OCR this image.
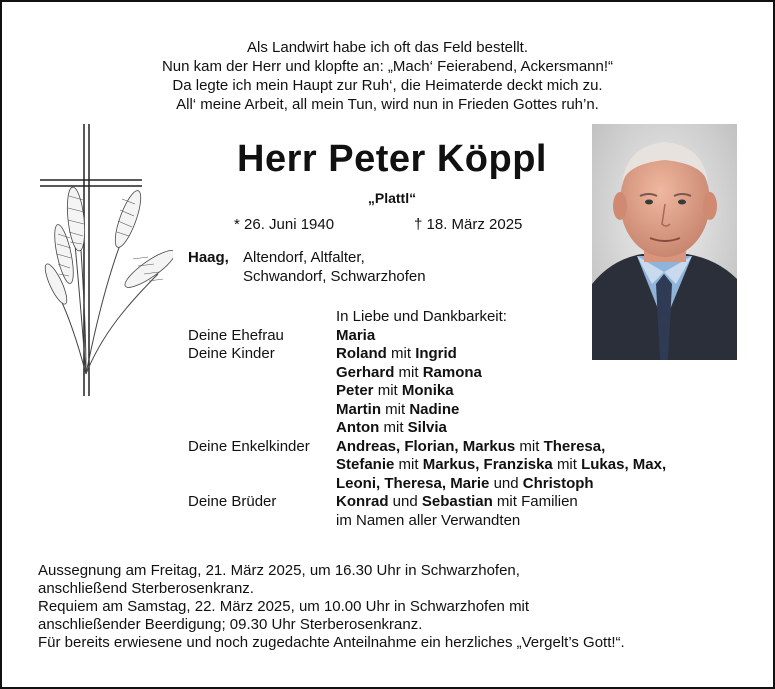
Als Landwirt habe ich oft das Feld bestellt.
Nun kam der Herr und klopfte an: „Mach‘ Feierabend, Ackersmann!“
Da legte ich mein Haupt zur Ruh‘, die Heimaterde deckt mich zu.
All‘ meine Arbeit, all mein Tun, wird nun in Frieden Gottes ruh’n.
Herr Peter Köppl
„Plattl“
* 26. Juni 1940	† 18. März 2025
Haag, Altendorf, Altfalter,
Schwandorf, Schwarzhofen
In Liebe und Dankbarkeit:
Deine Ehefrau	Maria
Deine Kinder	Roland mit Ingrid
Gerhard mit Ramona
Peter mit Monika
Martin mit Nadine
Anton mit Silvia
Deine Enkelkinder Andreas, Florian, Markus mit Theresa,
Stefanie mit Markus, Franziska mit Lukas, Max,
Leoni, Theresa, Marie und Christoph
Deine Brüder	Konrad und Sebastian mit Familien
im Namen aller Verwandten
Aussegnung am Freitag, 21. März 2025, um 16.30 Uhr in Schwarzhofen,
anschließend Sterberosenkranz.
Requiem am Samstag, 22. März 2025, um 10.00 Uhr in Schwarzhofen mit
anschließender Beerdigung; 09.30 Uhr Sterberosenkranz.
Für bereits erwiesene und noch zugedachte Anteilnahme ein herzliches „Vergelt’s Gott!“.
